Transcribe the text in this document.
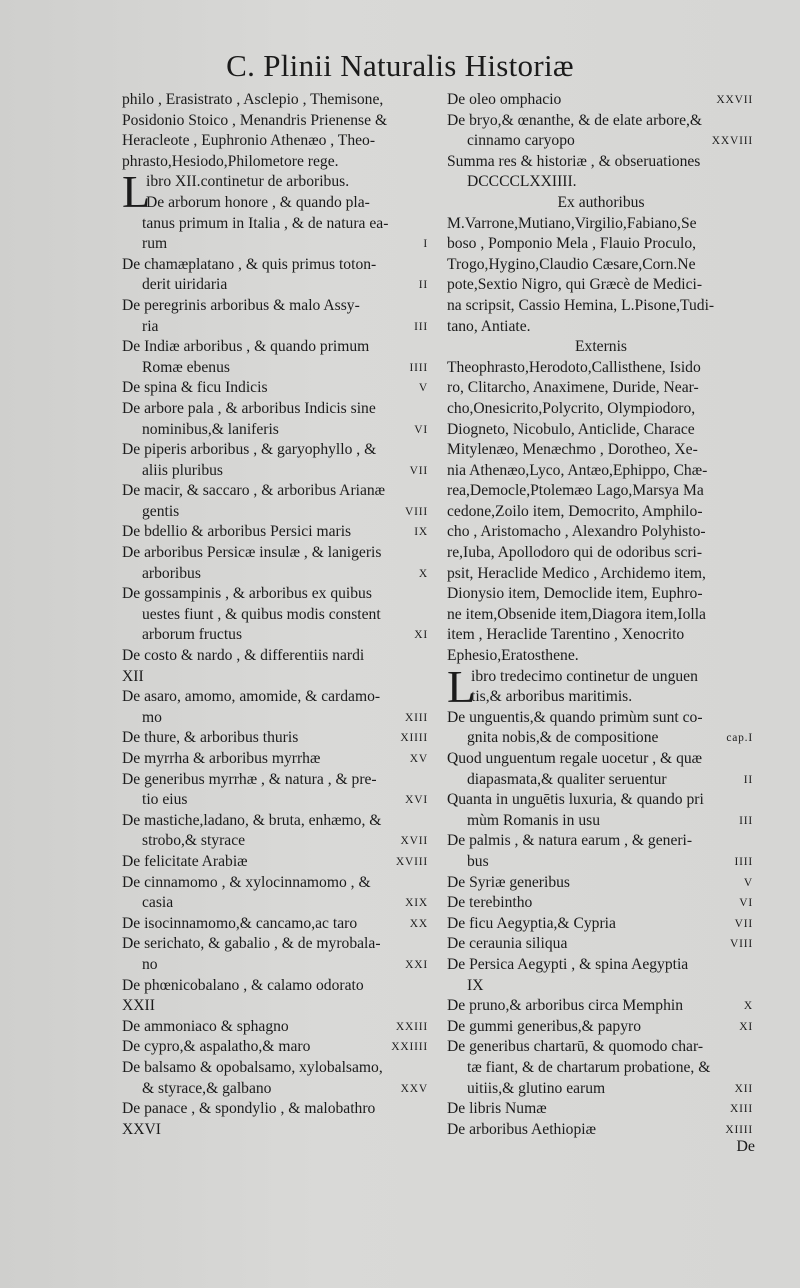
C. Plinii Naturalis Historiæ
philo , Erasistrato , Asclepio , Themisone,
Posidonio Stoico , Menandris Prienense &
Heracleote , Euphronio Athenæo , Theo-
phrasto,Hesiodo,Philometore rege.
L
ibro XII.continetur de arboribus.
De arborum honore , & quando pla-
tanus primum in Italia , & de natura ea-
rum	I
De chamæplatano , & quis primus toton-
derit uiridaria	II
De peregrinis arboribus & malo Assy-
ria	III
De Indiæ arboribus , & quando primum
Romæ ebenus	IIII
De spina & ficu Indicis	V
De arbore pala , & arboribus Indicis sine
nominibus,& laniferis	VI
De piperis arboribus , & garyophyllo , &
aliis pluribus	VII
De macir, & saccaro , & arboribus Arianæ
gentis	VIII
De bdellio & arboribus Persici maris	IX
De arboribus Persicæ insulæ , & lanigeris
arboribus	X
De gossampinis , & arboribus ex quibus
uestes fiunt , & quibus modis constent
arborum fructus	XI
De costo & nardo , & differentiis nardi
XII
De asaro, amomo, amomide, & cardamo-
mo	XIII
De thure, & arboribus thuris	XIIII
De myrrha & arboribus myrrhæ	XV
De generibus myrrhæ , & natura , & pre-
tio eius	XVI
De mastiche,ladano, & bruta, enhæmo, &
strobo,& styrace	XVII
De felicitate Arabiæ	XVIII
De cinnamomo , & xylocinnamomo , &
casia	XIX
De isocinnamomo,& cancamo,ac taro	XX
De serichato, & gabalio , & de myrobala-
no	XXI
De phœnicobalano , & calamo odorato
XXII
De ammoniaco & sphagno	XXIII
De cypro,& aspalatho,& maro	XXIIII
De balsamo & opobalsamo, xylobalsamo,
& styrace,& galbano	XXV
De panace , & spondylio , & malobathro
XXVI
De oleo omphacio	XXVII
De bryo,& œnanthe, & de elate arbore,&
cinnamo caryopo	XXVIII
Summa res & historiæ , & obseruationes
DCCCCLXXIIII.
Ex authoribus
M.Varrone,Mutiano,Virgilio,Fabiano,Se
boso , Pomponio Mela , Flauio Proculo,
Trogo,Hygino,Claudio Cæsare,Corn.Ne
pote,Sextio Nigro, qui Græcè de Medici-
na scripsit, Cassio Hemina, L.Pisone,Tudi-
tano, Antiate.
Externis
Theophrasto,Herodoto,Callisthene, Isido
ro, Clitarcho, Anaximene, Duride, Near-
cho,Onesicrito,Polycrito, Olympiodoro,
Diogneto, Nicobulo, Anticlide, Charace
Mitylenæo, Menæchmo , Dorotheo, Xe-
nia Athenæo,Lyco, Antæo,Ephippo, Chæ-
rea,Democle,Ptolemæo Lago,Marsya Ma
cedone,Zoilo item, Democrito, Amphilo-
cho , Aristomacho , Alexandro Polyhisto-
re,Iuba, Apollodoro qui de odoribus scri-
psit, Heraclide Medico , Archidemo item,
Dionysio item, Democlide item, Euphro-
ne item,Obsenide item,Diagora item,Iolla
item , Heraclide Tarentino , Xenocrito
Ephesio,Eratosthene.
L
ibro tredecimo continetur de unguen
tis,& arboribus maritimis.
De unguentis,& quando primùm sunt co-
gnita nobis,& de compositione	cap.I
Quod unguentum regale uocetur , & quæ
diapasmata,& qualiter seruentur	II
Quanta in unguētis luxuria, & quando pri
mùm Romanis in usu	III
De palmis , & natura earum , & generi-
bus	IIII
De Syriæ generibus	V
De terebintho	VI
De ficu Aegyptia,& Cypria	VII
De ceraunia siliqua	VIII
De Persica Aegypti , & spina Aegyptia
IX
De pruno,& arboribus circa Memphin	X
De gummi generibus,& papyro	XI
De generibus chartarū, & quomodo char-
tæ fiant, & de chartarum probatione, &
uitiis,& glutino earum	XII
De libris Numæ	XIII
De arboribus Aethiopiæ	XIIII
De
